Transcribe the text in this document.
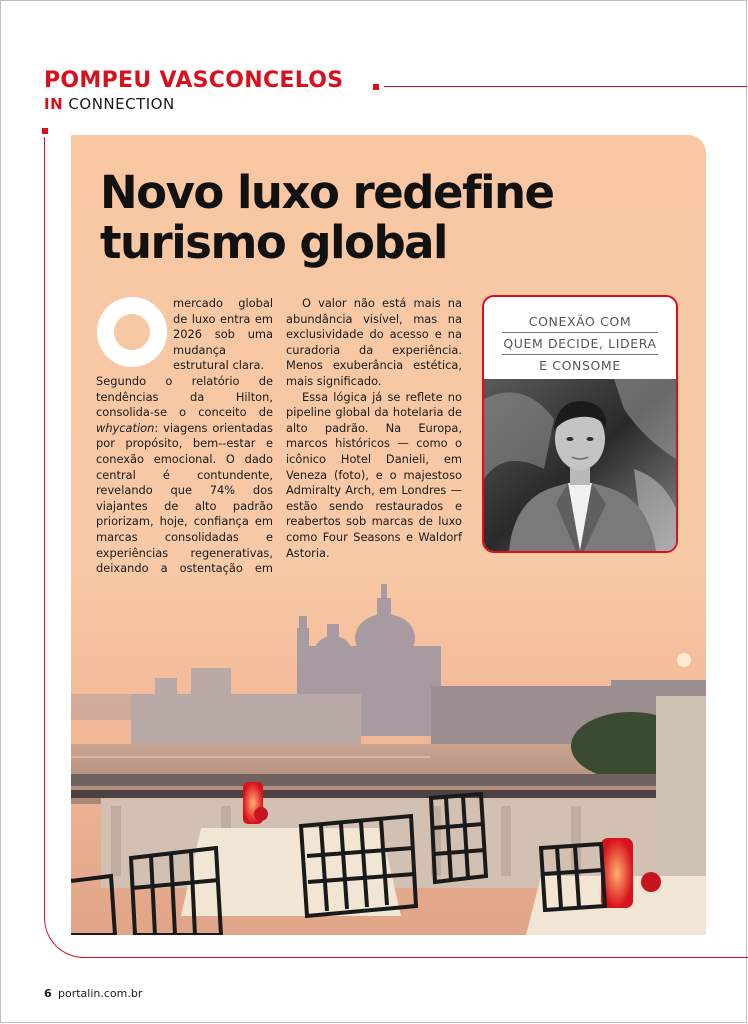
POMPEU VASCONCELOS
IN CONNECTION
Novo luxo redefine
turismo global

mercado global de luxo entra em 2026 sob uma mudança estrutural clara.

Segundo o relatório de tendências da Hilton, consolida-se o conceito de whycation: viagens orientadas por propósito, bem--estar e conexão emocional. O dado central é contundente, revelando que 74% dos viajantes de alto padrão priorizam, hoje, confiança em marcas consolidadas e experiências regenerativas, deixando a ostentação em

O valor não está mais na abundância visível, mas na exclusividade do acesso e na curadoria da experiência. Menos exuberância estética, mais significado.
Essa lógica já se reflete no pipeline global da hotelaria de alto padrão. Na Europa, marcos históricos — como o icônico Hotel Danieli, em Veneza (foto), e o majestoso Admiralty Arch, em Londres — estão sendo restaurados e reabertos sob marcas de luxo como Four Seasons e Waldorf Astoria.
CONEXÃO COM
QUEM DECIDE, LIDERA
E CONSOME
6 portalin.com.br
